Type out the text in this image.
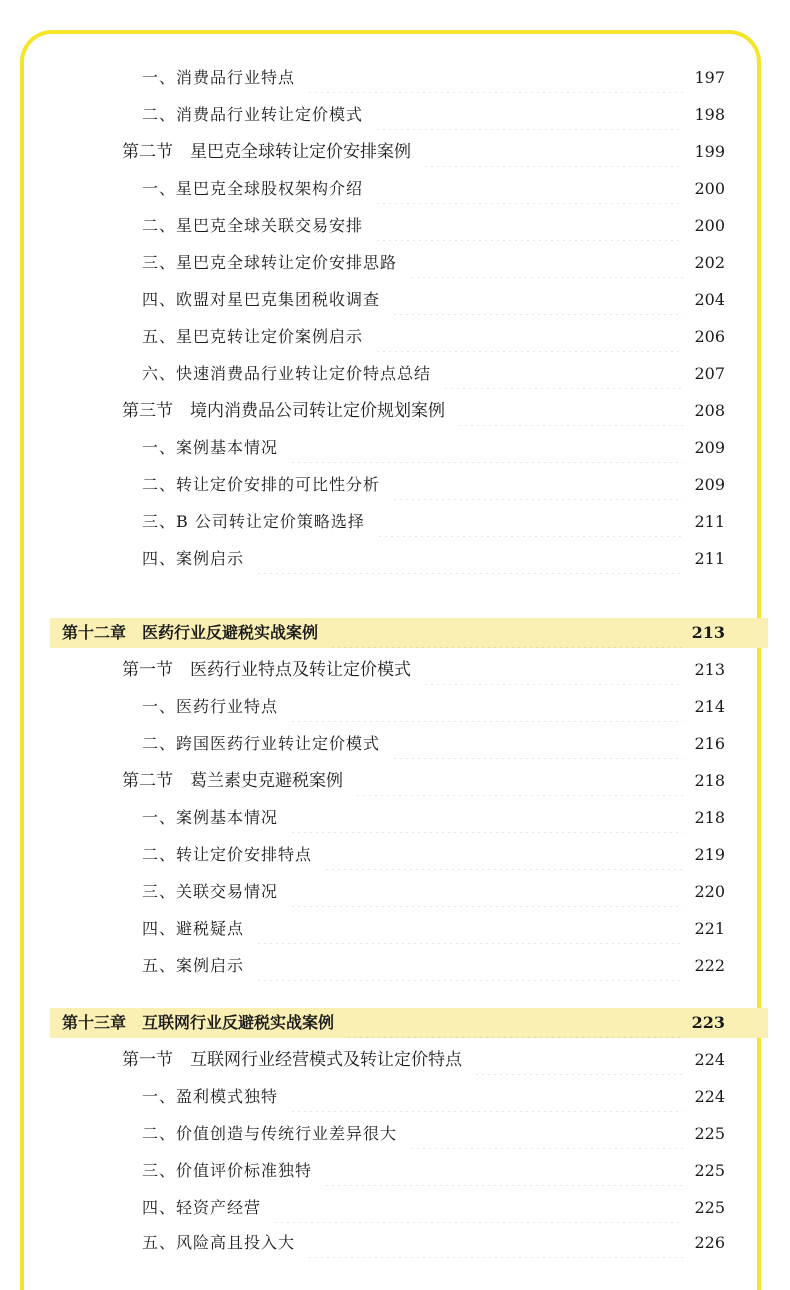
一、消费品行业特点	197
二、消费品行业转让定价模式	198
第二节　星巴克全球转让定价安排案例	199
一、星巴克全球股权架构介绍	200
二、星巴克全球关联交易安排	200
三、星巴克全球转让定价安排思路	202
四、欧盟对星巴克集团税收调查	204
五、星巴克转让定价案例启示	206
六、快速消费品行业转让定价特点总结	207
第三节　境内消费品公司转让定价规划案例	208
一、案例基本情况	209
二、转让定价安排的可比性分析	209
三、B 公司转让定价策略选择	211
四、案例启示	211
第十二章　医药行业反避税实战案例	213
第一节　医药行业特点及转让定价模式	213
一、医药行业特点	214
二、跨国医药行业转让定价模式	216
第二节　葛兰素史克避税案例	218
一、案例基本情况	218
二、转让定价安排特点	219
三、关联交易情况	220
四、避税疑点	221
五、案例启示	222
第十三章　互联网行业反避税实战案例	223
第一节　互联网行业经营模式及转让定价特点	224
一、盈利模式独特	224
二、价值创造与传统行业差异很大	225
三、价值评价标准独特	225
四、轻资产经营	225
五、风险高且投入大	226
